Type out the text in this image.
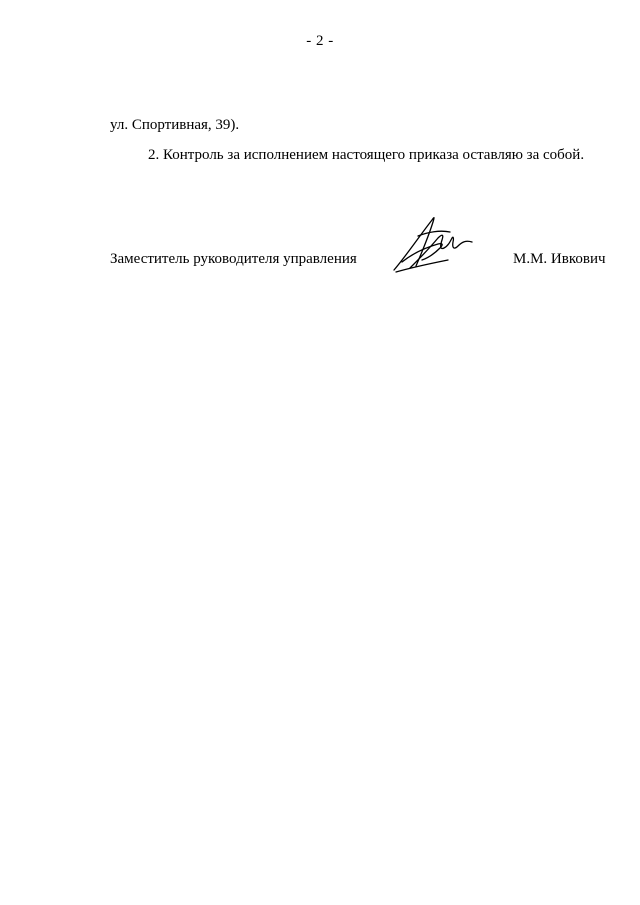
- 2 -
ул. Спортивная, 39).
2. Контроль за исполнением настоящего приказа оставляю за собой.
Заместитель руководителя управления	М.М. Ивкович
